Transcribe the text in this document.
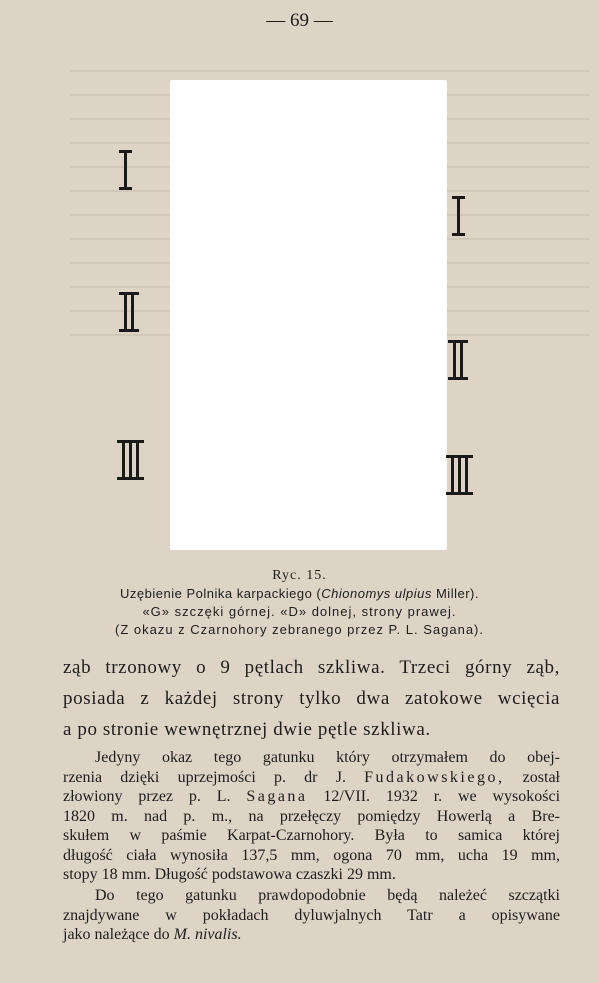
— 69 —
Ryc. 15.
Uzębienie Polnika karpackiego (Chionomys ulpius Miller).
«G» szczęki górnej. «D» dolnej, strony prawej.
(Z okazu z Czarnohory zebranego przez P. L. Sagana).
ząb trzonowy o 9 pętlach szkliwa. Trzeci górny ząb,
posiada z każdej strony tylko dwa zatokowe wcięcia
a po stronie wewnętrznej dwie pętle szkliwa.
Jedyny okaz tego gatunku który otrzymałem do obej-
rzenia dzięki uprzejmości p. dr J. Fudakowskiego, został
złowiony przez p. L. Sagana 12/VII. 1932 r. we wysokości
1820 m. nad p. m., na przełęczy pomiędzy Howerlą a Bre-
skułem w paśmie Karpat-Czarnohory. Była to samica której
długość ciała wynosiła 137,5 mm, ogona 70 mm, ucha 19 mm,
stopy 18 mm. Długość podstawowa czaszki 29 mm.
Do tego gatunku prawdopodobnie będą należeć szczątki
znajdywane w pokładach dyluwjalnych Tatr a opisywane
jako należące do M. nivalis.
